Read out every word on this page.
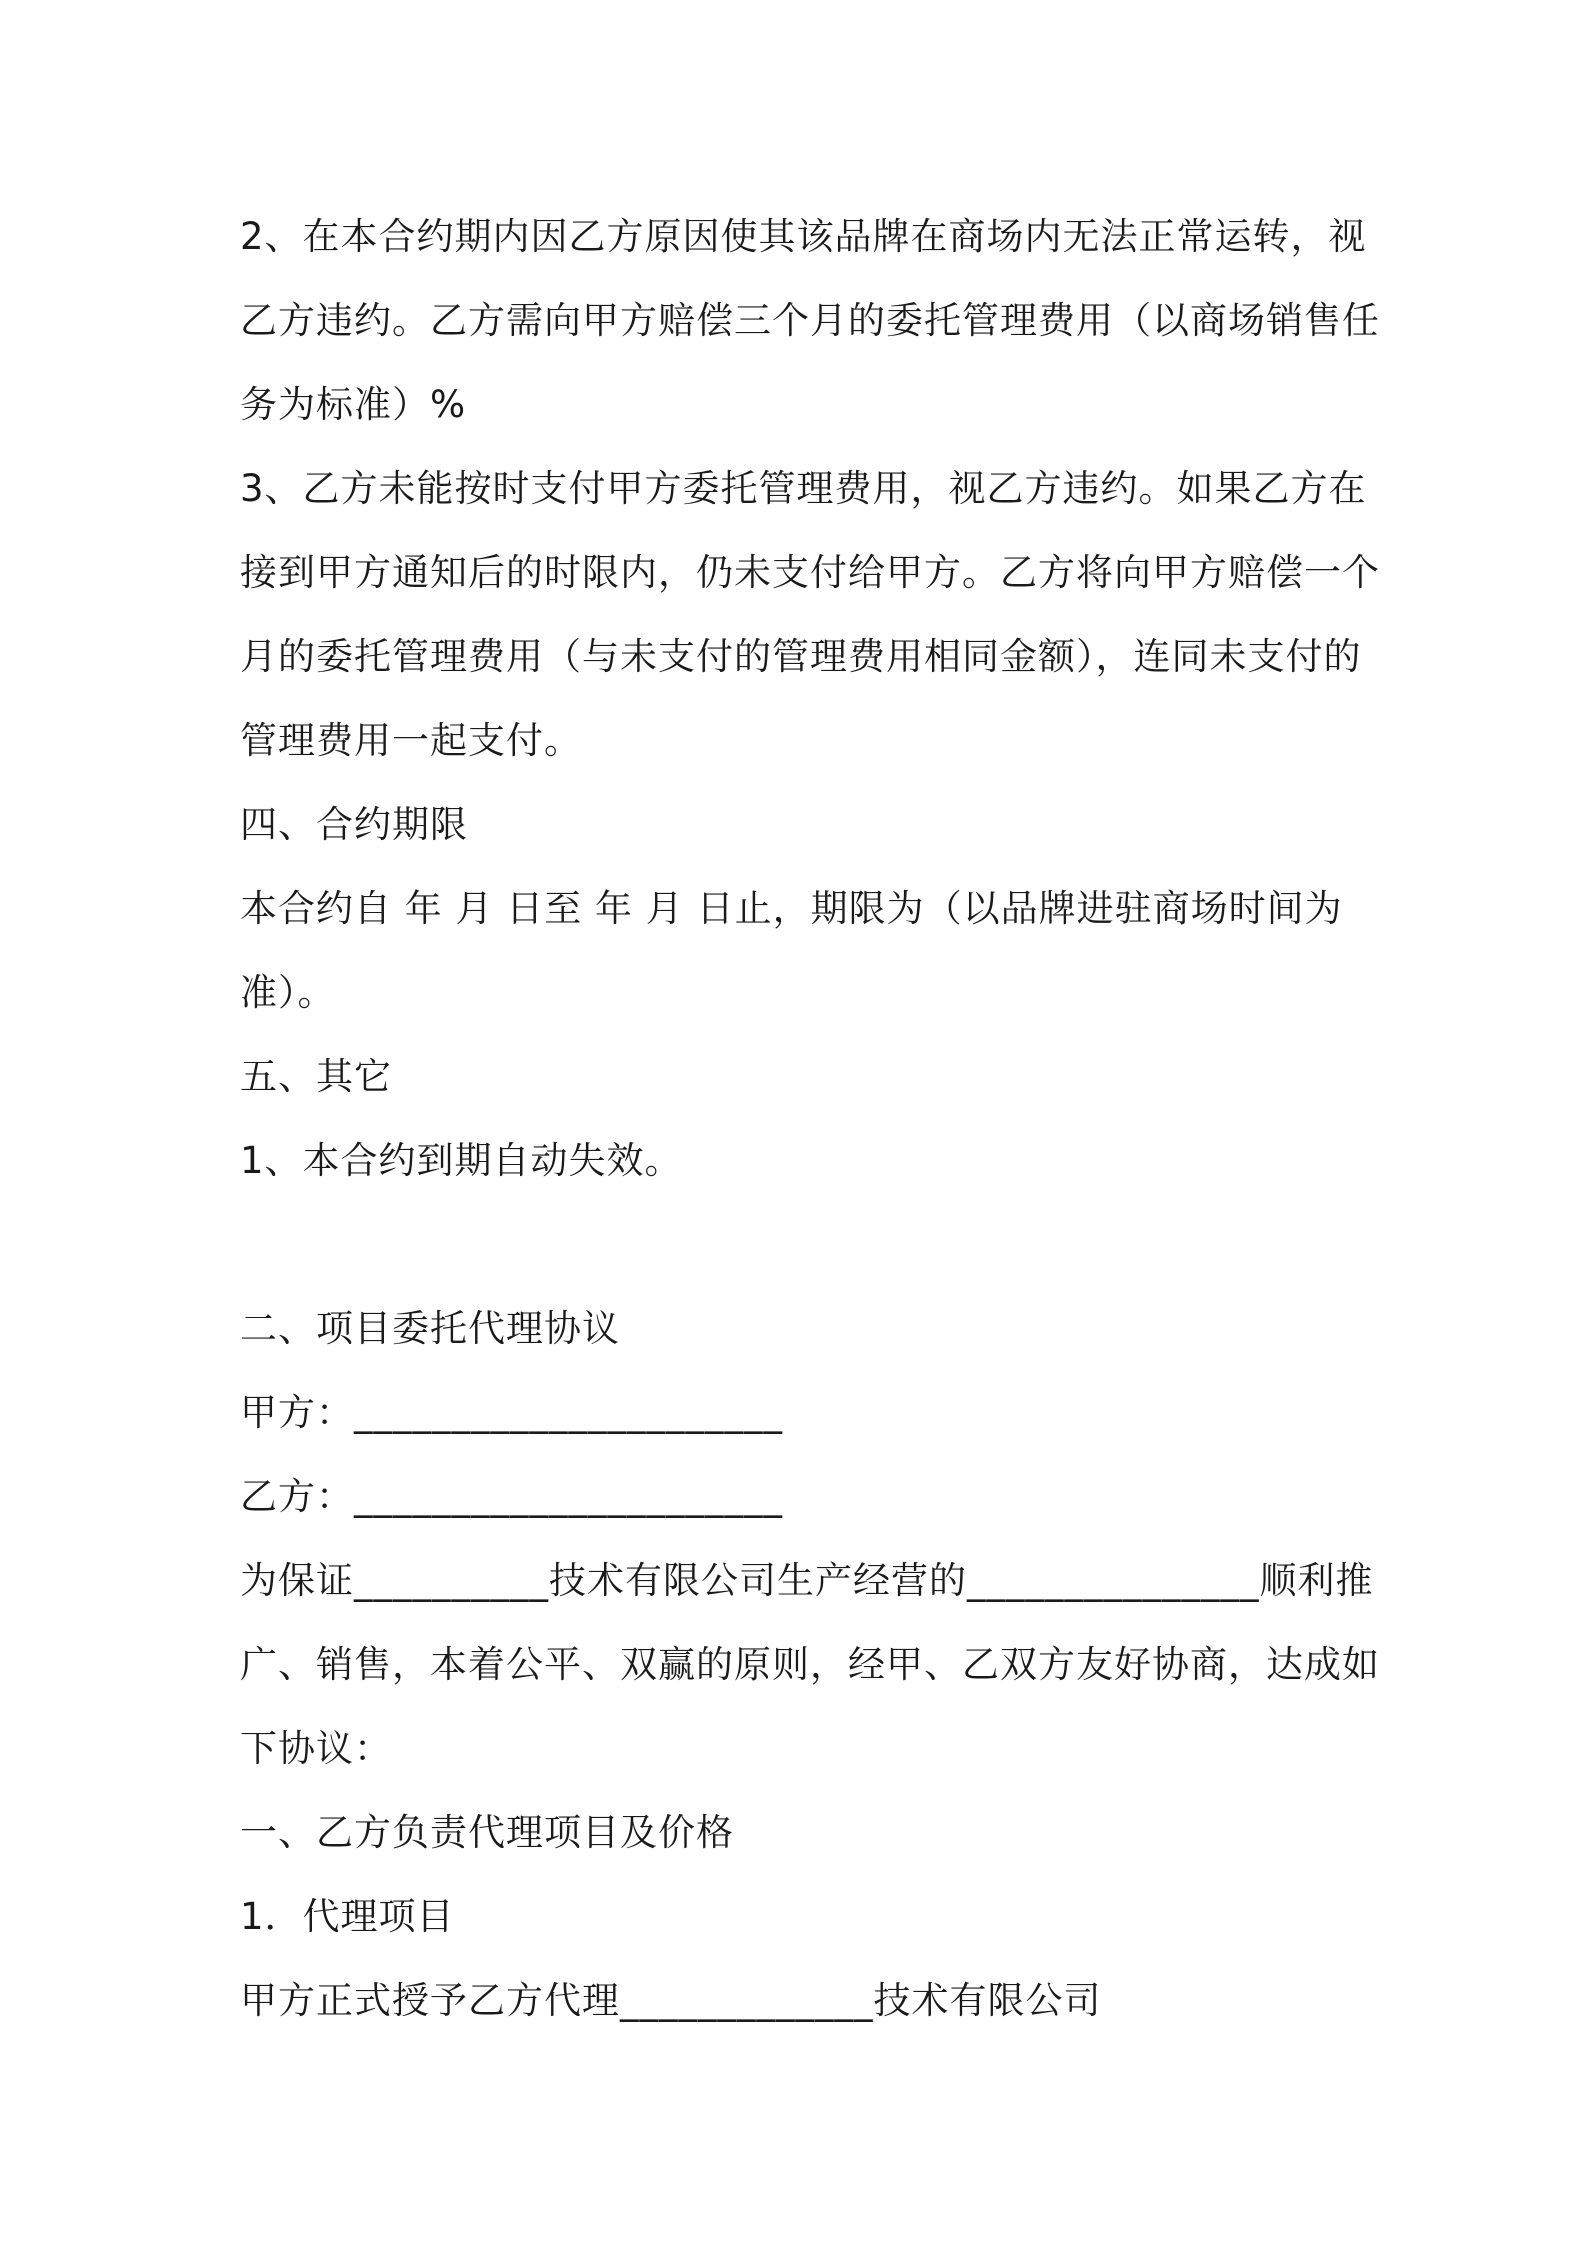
2、在本合约期内因乙方原因使其该品牌在商场内无法正常运转，视
乙方违约。乙方需向甲方赔偿三个月的委托管理费用（以商场销售任
务为标准）%
3、乙方未能按时支付甲方委托管理费用，视乙方违约。如果乙方在
接到甲方通知后的时限内，仍未支付给甲方。乙方将向甲方赔偿一个
月的委托管理费用（与未支付的管理费用相同金额），连同未支付的
管理费用一起支付。
四、合约期限
本合约自 年 月 日至 年 月 日止，期限为（以品牌进驻商场时间为
准）。
五、其它
1、本合约到期自动失效。
二、项目委托代理协议
甲方：______________________
乙方：______________________
为保证__________技术有限公司生产经营的_______________顺利推
广、销售，本着公平、双赢的原则，经甲、乙双方友好协商，达成如
下协议：
一、乙方负责代理项目及价格
1．代理项目
甲方正式授予乙方代理_____________技术有限公司
